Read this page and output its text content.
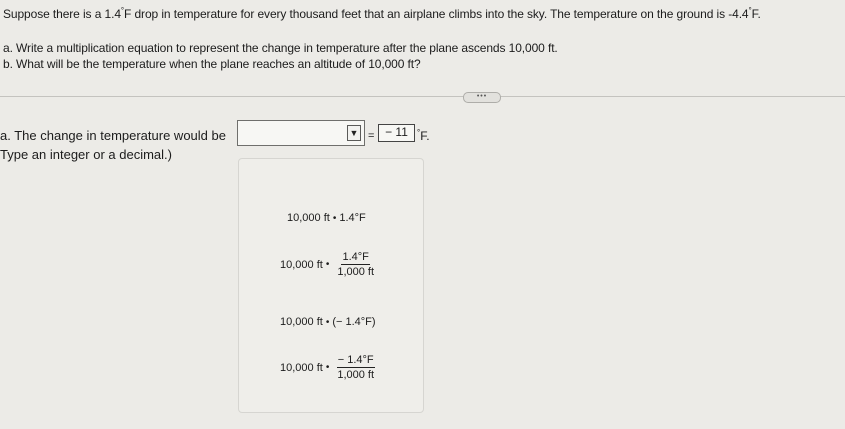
Suppose there is a 1.4°F drop in temperature for every thousand feet that an airplane climbs into the sky. The temperature on the ground is -4.4°F.
a. Write a multiplication equation to represent the change in temperature after the plane ascends 10,000 ft.
b. What will be the temperature when the plane reaches an altitude of 10,000 ft?
•••
a. The change in temperature would be
Type an integer or a decimal.)
▼ = − 11	°F.
10,000 ft • 1.4°F
10,000 ft • $\frac{1.4^\circ F}{1,000 ft}$
10,000 ft • (− 1.4°F)
10,000 ft • $\frac{- 1.4^\circ F}{1,000 ft}$
